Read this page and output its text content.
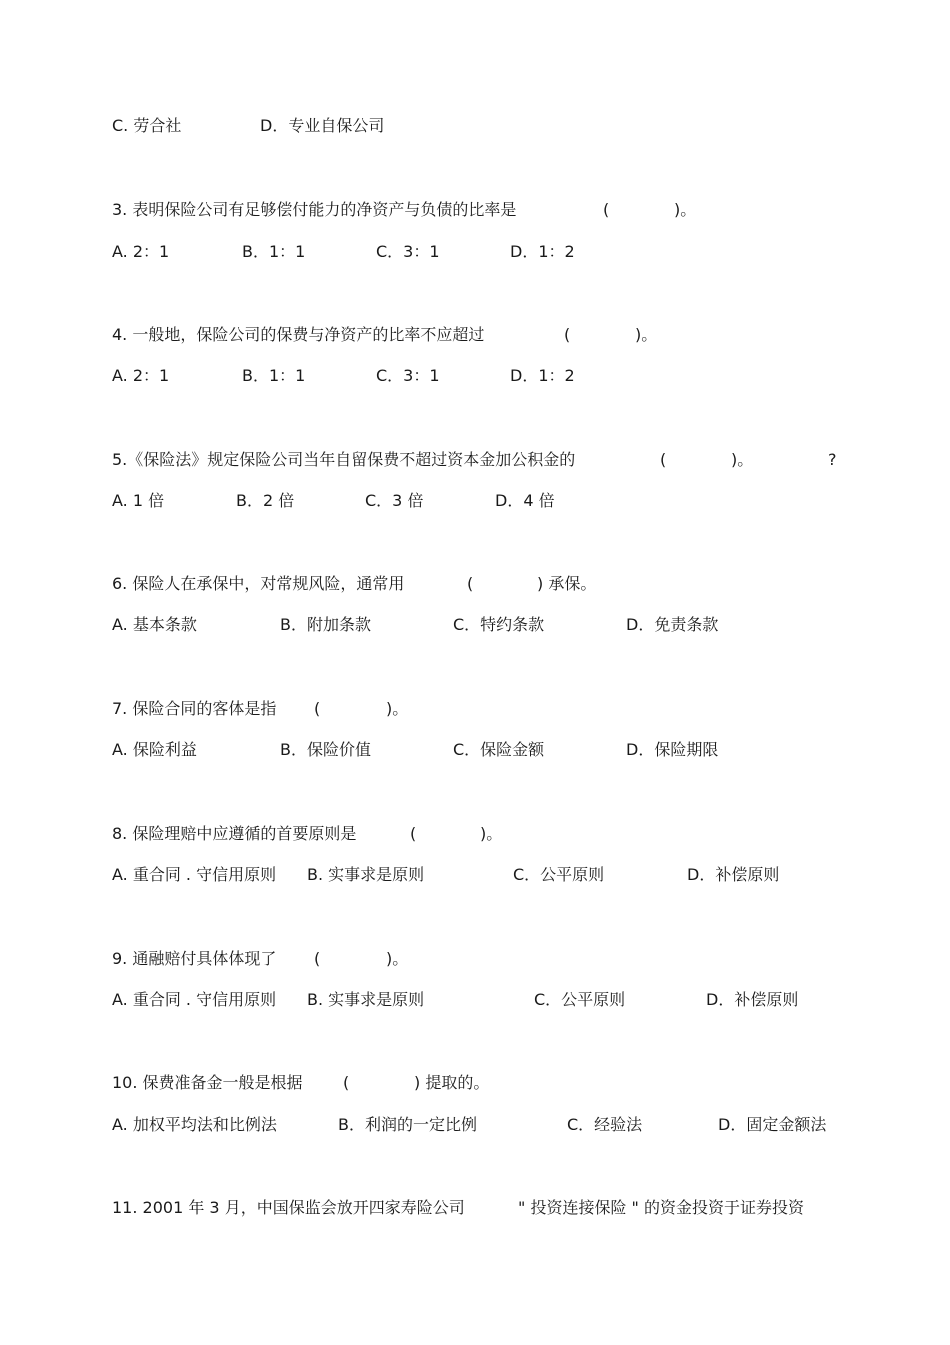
C. 劳合社	D．专业自保公司
3. 表明保险公司有足够偿付能力的净资产与负债的比率是	(	)。
A. 2：1	B．1：1	C．3：1	D．1：2
4. 一般地，保险公司的保费与净资产的比率不应超过	(	)。
A. 2：1	B．1：1	C．3：1	D．1：2
5.《保险法》规定保险公司当年自留保费不超过资本金加公积金的	(	)。	?
A. 1 倍	B．2 倍	C．3 倍	D．4 倍
6. 保险人在承保中，对常规风险，通常用	(	) 承保。
A. 基本条款	B．附加条款	C．特约条款	D．免责条款
7. 保险合同的客体是指 (	)。
A. 保险利益	B．保险价值	C．保险金额	D．保险期限
8. 保险理赔中应遵循的首要原则是	(	)。
A. 重合同 . 守信用原则 B. 实事求是原则	C．公平原则	D．补偿原则
9. 通融赔付具体体现了 (	)。
A. 重合同 . 守信用原则 B. 实事求是原则	C．公平原则	D．补偿原则
10. 保费准备金一般是根据	(	) 提取的。
A. 加权平均法和比例法	B．利润的一定比例	C．经验法	D．固定金额法
11. 2001 年 3 月，中国保监会放开四家寿险公司	" 投资连接保险 " 的资金投资于证券投资
